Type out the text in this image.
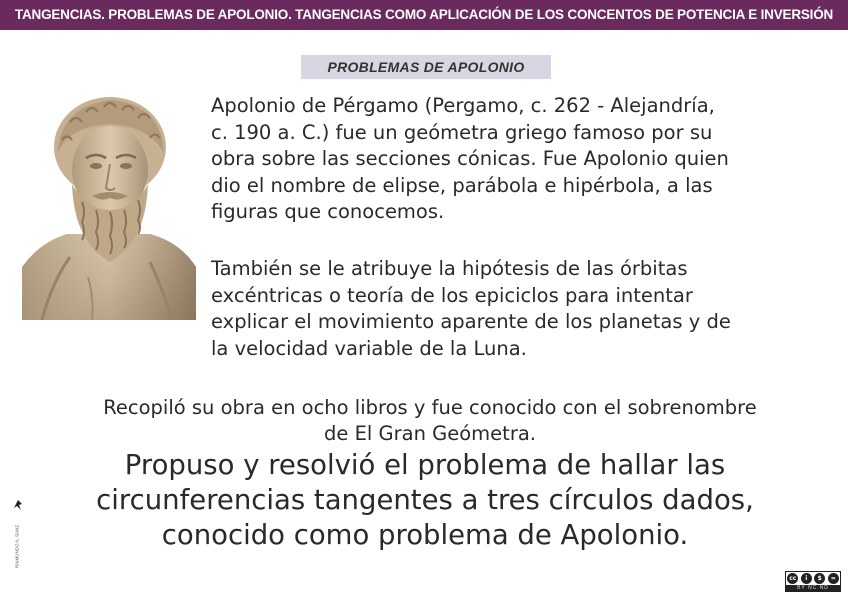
TANGENCIAS. PROBLEMAS DE APOLONIO. TANGENCIAS COMO APLICACIÓN DE LOS CONCENTOS DE POTENCIA E INVERSIÓN
PROBLEMAS DE APOLONIO
Apolonio de Pérgamo (Pergamo, c. 262 - Alejandría,
c. 190 a. C.) fue un geómetra griego famoso por su
obra sobre las secciones cónicas. Fue Apolonio quien
dio el nombre de elipse, parábola e hipérbola, a las
figuras que conocemos.
También se le atribuye la hipótesis de las órbitas
excéntricas o teoría de los epiciclos para intentar
explicar el movimiento aparente de los planetas y de
la velocidad variable de la Luna.
Recopiló su obra en ocho libros y fue conocido con el sobrenombre
de El Gran Geómetra.
Propuso y resolvió el problema de hallar las
circunferencias tangentes a tres círculos dados,
conocido como problema de Apolonio.
RAIMUNDO A. SANZ
cc	i	$	=
BY NC ND
